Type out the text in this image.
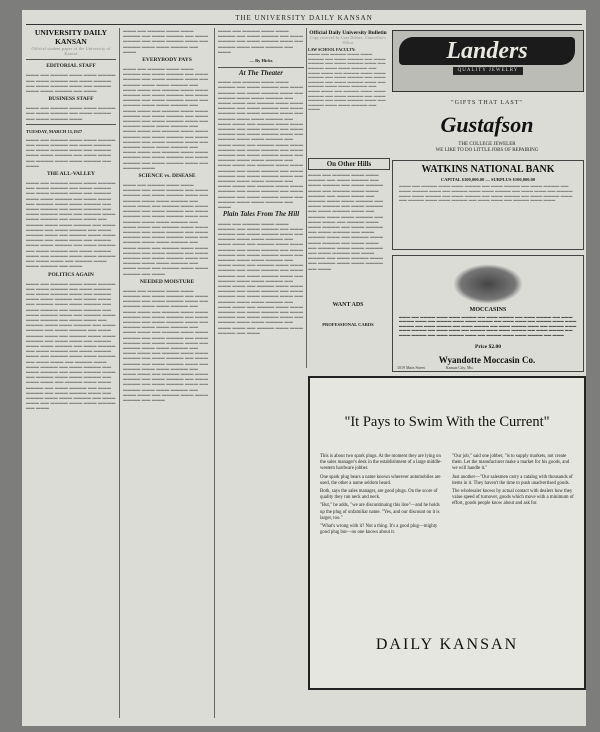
THE UNIVERSITY DAILY KANSAN
UNIVERSITY DAILY KANSAN
Official student paper of the University of Kansas
EDITORIAL STAFF
▬▬▬ ▬▬ ▬▬▬▬ ▬▬▬ ▬▬▬ ▬▬▬▬ ▬▬ ▬▬▬ ▬▬▬▬ ▬▬ ▬▬▬ ▬▬▬▬ ▬▬ ▬▬▬ ▬▬▬▬ ▬▬▬ ▬▬ ▬▬▬▬ ▬▬▬ ▬▬▬ ▬▬▬▬ ▬▬ ▬▬▬
BUSINESS STAFF
▬▬▬ ▬▬ ▬▬▬▬ ▬▬▬ ▬▬▬ ▬▬▬▬ ▬▬ ▬▬▬ ▬▬▬▬ ▬▬ ▬▬▬ ▬▬▬▬ ▬▬ ▬▬▬ ▬▬▬▬ ▬▬▬
TUESDAY, MARCH 15,1927
▬▬▬ ▬▬ ▬▬▬▬ ▬▬▬ ▬▬▬ ▬▬▬▬ ▬▬ ▬▬▬ ▬▬▬▬ ▬▬ ▬▬▬ ▬▬▬▬ ▬▬ ▬▬▬ ▬▬▬▬ ▬▬▬ ▬▬ ▬▬▬▬ ▬▬▬ ▬▬▬ ▬▬▬▬ ▬▬ ▬▬▬ ▬▬▬ ▬▬ ▬▬▬▬ ▬▬▬ ▬▬▬ ▬▬▬▬ ▬▬ ▬▬▬
THE ALL-VALLEY
▬▬▬ ▬▬ ▬▬▬▬ ▬▬▬ ▬▬▬ ▬▬▬▬ ▬▬ ▬▬▬ ▬▬▬▬ ▬▬ ▬▬▬ ▬▬▬▬ ▬▬ ▬▬▬ ▬▬▬▬ ▬▬▬ ▬▬ ▬▬▬▬ ▬▬▬ ▬▬▬ ▬▬▬▬ ▬▬ ▬▬▬ ▬▬▬ ▬▬ ▬▬▬▬ ▬▬▬ ▬▬▬ ▬▬▬▬ ▬▬ ▬▬▬ ▬▬▬▬ ▬▬ ▬▬▬ ▬▬▬▬ ▬▬ ▬▬▬ ▬▬▬▬ ▬▬▬ ▬▬ ▬▬▬▬ ▬▬▬ ▬▬▬ ▬▬▬▬ ▬▬ ▬▬▬ ▬▬▬ ▬▬ ▬▬▬▬ ▬▬▬ ▬▬▬ ▬▬▬▬ ▬▬ ▬▬▬ ▬▬▬▬ ▬▬ ▬▬▬ ▬▬▬▬ ▬▬ ▬▬▬ ▬▬▬▬ ▬▬▬ ▬▬ ▬▬▬▬ ▬▬▬ ▬▬▬ ▬▬▬▬ ▬▬ ▬▬▬ ▬▬▬ ▬▬ ▬▬▬▬ ▬▬▬ ▬▬▬ ▬▬▬▬ ▬▬ ▬▬▬ ▬▬▬▬ ▬▬ ▬▬▬ ▬▬▬▬ ▬▬ ▬▬▬ ▬▬▬▬ ▬▬▬ ▬▬ ▬▬▬▬ ▬▬▬ ▬▬▬ ▬▬▬▬ ▬▬ ▬▬▬ ▬▬▬ ▬▬ ▬▬▬▬ ▬▬▬ ▬▬▬ ▬▬▬▬ ▬▬ ▬▬▬
POLITICS AGAIN
▬▬▬ ▬▬ ▬▬▬▬ ▬▬▬ ▬▬▬ ▬▬▬▬ ▬▬ ▬▬▬ ▬▬▬▬ ▬▬ ▬▬▬ ▬▬▬▬ ▬▬ ▬▬▬ ▬▬▬▬ ▬▬▬ ▬▬ ▬▬▬▬ ▬▬▬ ▬▬▬ ▬▬▬▬ ▬▬ ▬▬▬ ▬▬▬ ▬▬ ▬▬▬▬ ▬▬▬ ▬▬▬ ▬▬▬▬ ▬▬ ▬▬▬ ▬▬▬▬ ▬▬ ▬▬▬ ▬▬▬▬ ▬▬ ▬▬▬ ▬▬▬▬ ▬▬▬ ▬▬ ▬▬▬▬ ▬▬▬ ▬▬▬ ▬▬▬▬ ▬▬ ▬▬▬ ▬▬▬ ▬▬ ▬▬▬▬ ▬▬▬ ▬▬▬ ▬▬▬▬ ▬▬ ▬▬▬ ▬▬▬▬ ▬▬ ▬▬▬ ▬▬▬▬ ▬▬ ▬▬▬ ▬▬▬▬ ▬▬▬ ▬▬ ▬▬▬▬ ▬▬▬ ▬▬▬ ▬▬▬▬ ▬▬ ▬▬▬ ▬▬▬ ▬▬ ▬▬▬▬ ▬▬▬ ▬▬▬ ▬▬▬▬ ▬▬ ▬▬▬ ▬▬▬▬ ▬▬ ▬▬▬ ▬▬▬▬ ▬▬ ▬▬▬ ▬▬▬▬ ▬▬▬ ▬▬ ▬▬▬▬ ▬▬▬ ▬▬▬ ▬▬▬▬ ▬▬ ▬▬▬ ▬▬▬ ▬▬ ▬▬▬▬ ▬▬▬ ▬▬▬ ▬▬▬▬ ▬▬ ▬▬▬ ▬▬▬▬ ▬▬ ▬▬▬ ▬▬▬▬ ▬▬ ▬▬▬ ▬▬▬▬ ▬▬▬ ▬▬ ▬▬▬▬ ▬▬▬ ▬▬▬ ▬▬▬▬ ▬▬ ▬▬▬ ▬▬▬ ▬▬ ▬▬▬▬ ▬▬▬ ▬▬▬ ▬▬▬▬ ▬▬ ▬▬▬ ▬▬▬▬ ▬▬ ▬▬▬ ▬▬▬▬ ▬▬ ▬▬▬ ▬▬▬▬ ▬▬▬ ▬▬ ▬▬▬▬ ▬▬▬ ▬▬▬ ▬▬▬▬ ▬▬ ▬▬▬ ▬▬▬ ▬▬ ▬▬▬▬ ▬▬▬ ▬▬▬ ▬▬▬▬ ▬▬ ▬▬▬
▬▬▬ ▬▬ ▬▬▬▬ ▬▬▬ ▬▬▬ ▬▬▬▬ ▬▬ ▬▬▬ ▬▬▬▬ ▬▬ ▬▬▬ ▬▬▬▬ ▬▬ ▬▬▬ ▬▬▬▬ ▬▬▬ ▬▬ ▬▬▬▬ ▬▬▬ ▬▬▬ ▬▬▬▬ ▬▬ ▬▬▬
EVERYBODY PAYS
▬▬▬ ▬▬ ▬▬▬▬ ▬▬▬ ▬▬▬ ▬▬▬▬ ▬▬ ▬▬▬ ▬▬▬▬ ▬▬ ▬▬▬ ▬▬▬▬ ▬▬ ▬▬▬ ▬▬▬▬ ▬▬▬ ▬▬ ▬▬▬▬ ▬▬▬ ▬▬▬ ▬▬▬▬ ▬▬ ▬▬▬ ▬▬▬ ▬▬ ▬▬▬▬ ▬▬▬ ▬▬▬ ▬▬▬▬ ▬▬ ▬▬▬ ▬▬▬▬ ▬▬ ▬▬▬ ▬▬▬▬ ▬▬ ▬▬▬ ▬▬▬▬ ▬▬▬ ▬▬ ▬▬▬▬ ▬▬▬ ▬▬▬ ▬▬▬▬ ▬▬ ▬▬▬ ▬▬▬ ▬▬ ▬▬▬▬ ▬▬▬ ▬▬▬ ▬▬▬▬ ▬▬ ▬▬▬ ▬▬▬▬ ▬▬ ▬▬▬ ▬▬▬▬ ▬▬ ▬▬▬ ▬▬▬▬ ▬▬▬ ▬▬ ▬▬▬▬ ▬▬▬ ▬▬▬ ▬▬▬▬ ▬▬ ▬▬▬ ▬▬▬ ▬▬ ▬▬▬▬ ▬▬▬ ▬▬▬ ▬▬▬▬ ▬▬ ▬▬▬ ▬▬▬▬ ▬▬ ▬▬▬ ▬▬▬▬ ▬▬ ▬▬▬ ▬▬▬▬ ▬▬▬ ▬▬ ▬▬▬▬ ▬▬▬ ▬▬▬ ▬▬▬▬ ▬▬ ▬▬▬ ▬▬▬ ▬▬ ▬▬▬▬ ▬▬▬ ▬▬▬ ▬▬▬▬ ▬▬ ▬▬▬ ▬▬▬▬ ▬▬ ▬▬▬ ▬▬▬▬ ▬▬ ▬▬▬ ▬▬▬▬ ▬▬▬ ▬▬ ▬▬▬▬ ▬▬▬
SCIENCE vs. DISEASE
▬▬▬ ▬▬ ▬▬▬▬ ▬▬▬ ▬▬▬ ▬▬▬▬ ▬▬ ▬▬▬ ▬▬▬▬ ▬▬ ▬▬▬ ▬▬▬▬ ▬▬ ▬▬▬ ▬▬▬▬ ▬▬▬ ▬▬ ▬▬▬▬ ▬▬▬ ▬▬▬ ▬▬▬▬ ▬▬ ▬▬▬ ▬▬▬ ▬▬ ▬▬▬▬ ▬▬▬ ▬▬▬ ▬▬▬▬ ▬▬ ▬▬▬ ▬▬▬▬ ▬▬ ▬▬▬ ▬▬▬▬ ▬▬ ▬▬▬ ▬▬▬▬ ▬▬▬ ▬▬ ▬▬▬▬ ▬▬▬ ▬▬▬ ▬▬▬▬ ▬▬ ▬▬▬ ▬▬▬ ▬▬ ▬▬▬▬ ▬▬▬ ▬▬▬ ▬▬▬▬ ▬▬ ▬▬▬ ▬▬▬▬ ▬▬ ▬▬▬ ▬▬▬▬ ▬▬ ▬▬▬ ▬▬▬▬ ▬▬▬ ▬▬ ▬▬▬▬ ▬▬▬ ▬▬▬ ▬▬▬▬ ▬▬ ▬▬▬ ▬▬▬ ▬▬ ▬▬▬▬ ▬▬▬ ▬▬▬ ▬▬▬▬ ▬▬ ▬▬▬ ▬▬▬▬ ▬▬ ▬▬▬ ▬▬▬▬ ▬▬ ▬▬▬ ▬▬▬▬ ▬▬▬ ▬▬ ▬▬▬▬ ▬▬▬ ▬▬▬ ▬▬▬▬ ▬▬ ▬▬▬ ▬▬▬ ▬▬ ▬▬▬▬ ▬▬▬ ▬▬▬ ▬▬▬▬ ▬▬ ▬▬▬
NEEDED MOISTURE
▬▬▬ ▬▬ ▬▬▬▬ ▬▬▬ ▬▬▬ ▬▬▬▬ ▬▬ ▬▬▬ ▬▬▬▬ ▬▬ ▬▬▬ ▬▬▬▬ ▬▬ ▬▬▬ ▬▬▬▬ ▬▬▬ ▬▬ ▬▬▬▬ ▬▬▬ ▬▬▬ ▬▬▬▬ ▬▬ ▬▬▬ ▬▬▬ ▬▬ ▬▬▬▬ ▬▬▬ ▬▬▬ ▬▬▬▬ ▬▬ ▬▬▬ ▬▬▬▬ ▬▬ ▬▬▬ ▬▬▬▬ ▬▬ ▬▬▬ ▬▬▬▬ ▬▬▬ ▬▬ ▬▬▬▬ ▬▬▬ ▬▬▬ ▬▬▬▬ ▬▬ ▬▬▬ ▬▬▬ ▬▬ ▬▬▬▬ ▬▬▬ ▬▬▬ ▬▬▬▬ ▬▬ ▬▬▬ ▬▬▬▬ ▬▬ ▬▬▬ ▬▬▬▬ ▬▬ ▬▬▬ ▬▬▬▬ ▬▬▬ ▬▬ ▬▬▬▬ ▬▬▬ ▬▬▬ ▬▬▬▬ ▬▬ ▬▬▬ ▬▬▬ ▬▬ ▬▬▬▬ ▬▬▬ ▬▬▬ ▬▬▬▬ ▬▬ ▬▬▬ ▬▬▬▬ ▬▬ ▬▬▬ ▬▬▬▬ ▬▬ ▬▬▬ ▬▬▬▬ ▬▬▬ ▬▬ ▬▬▬▬ ▬▬▬ ▬▬▬ ▬▬▬▬ ▬▬ ▬▬▬ ▬▬▬ ▬▬ ▬▬▬▬ ▬▬▬ ▬▬▬ ▬▬▬▬ ▬▬ ▬▬▬ ▬▬▬▬ ▬▬ ▬▬▬ ▬▬▬▬ ▬▬ ▬▬▬ ▬▬▬▬ ▬▬▬ ▬▬ ▬▬▬▬ ▬▬▬ ▬▬▬ ▬▬▬▬ ▬▬ ▬▬▬ ▬▬▬ ▬▬ ▬▬▬▬ ▬▬▬ ▬▬▬ ▬▬▬▬ ▬▬ ▬▬▬
▬▬▬ ▬▬ ▬▬▬▬ ▬▬▬ ▬▬▬ ▬▬▬▬ ▬▬ ▬▬▬ ▬▬▬▬ ▬▬ ▬▬▬ ▬▬▬▬ ▬▬ ▬▬▬ ▬▬▬▬ ▬▬▬ ▬▬ ▬▬▬▬ ▬▬▬ ▬▬▬ ▬▬▬▬ ▬▬ ▬▬▬
— By Hicks
At The Theater
▬▬▬ ▬▬ ▬▬▬▬ ▬▬▬ ▬▬▬ ▬▬▬▬ ▬▬ ▬▬▬ ▬▬▬▬ ▬▬ ▬▬▬ ▬▬▬▬ ▬▬ ▬▬▬ ▬▬▬▬ ▬▬▬ ▬▬ ▬▬▬▬ ▬▬▬ ▬▬▬ ▬▬▬▬ ▬▬ ▬▬▬ ▬▬▬ ▬▬ ▬▬▬▬ ▬▬▬ ▬▬▬ ▬▬▬▬ ▬▬ ▬▬▬ ▬▬▬▬ ▬▬ ▬▬▬ ▬▬▬▬ ▬▬ ▬▬▬ ▬▬▬▬ ▬▬▬ ▬▬ ▬▬▬▬ ▬▬▬ ▬▬▬ ▬▬▬▬ ▬▬ ▬▬▬ ▬▬▬ ▬▬ ▬▬▬▬ ▬▬▬ ▬▬▬ ▬▬▬▬ ▬▬ ▬▬▬ ▬▬▬▬ ▬▬ ▬▬▬ ▬▬▬▬ ▬▬ ▬▬▬ ▬▬▬▬ ▬▬▬ ▬▬ ▬▬▬▬ ▬▬▬ ▬▬▬ ▬▬▬▬ ▬▬ ▬▬▬ ▬▬▬ ▬▬ ▬▬▬▬ ▬▬▬ ▬▬▬ ▬▬▬▬ ▬▬ ▬▬▬ ▬▬▬▬ ▬▬ ▬▬▬ ▬▬▬▬ ▬▬ ▬▬▬ ▬▬▬▬ ▬▬▬ ▬▬ ▬▬▬▬ ▬▬▬ ▬▬▬ ▬▬▬▬ ▬▬ ▬▬▬ ▬▬▬ ▬▬ ▬▬▬▬ ▬▬▬ ▬▬▬ ▬▬▬▬ ▬▬ ▬▬▬ ▬▬▬▬ ▬▬ ▬▬▬ ▬▬▬▬ ▬▬ ▬▬▬ ▬▬▬▬ ▬▬▬ ▬▬ ▬▬▬▬ ▬▬▬ ▬▬▬ ▬▬▬▬ ▬▬ ▬▬▬ ▬▬▬ ▬▬ ▬▬▬▬ ▬▬▬ ▬▬▬ ▬▬▬▬ ▬▬ ▬▬▬ ▬▬▬▬ ▬▬ ▬▬▬ ▬▬▬▬ ▬▬ ▬▬▬ ▬▬▬▬ ▬▬▬ ▬▬ ▬▬▬▬ ▬▬▬ ▬▬▬ ▬▬▬▬ ▬▬ ▬▬▬
Plain Tales From The Hill
▬▬▬ ▬▬ ▬▬▬▬ ▬▬▬ ▬▬▬ ▬▬▬▬ ▬▬ ▬▬▬ ▬▬▬▬ ▬▬ ▬▬▬ ▬▬▬▬ ▬▬ ▬▬▬ ▬▬▬▬ ▬▬▬ ▬▬ ▬▬▬▬ ▬▬▬ ▬▬▬ ▬▬▬▬ ▬▬ ▬▬▬ ▬▬▬ ▬▬ ▬▬▬▬ ▬▬▬ ▬▬▬ ▬▬▬▬ ▬▬ ▬▬▬ ▬▬▬▬ ▬▬ ▬▬▬ ▬▬▬▬ ▬▬ ▬▬▬ ▬▬▬▬ ▬▬▬ ▬▬ ▬▬▬▬ ▬▬▬ ▬▬▬ ▬▬▬▬ ▬▬ ▬▬▬ ▬▬▬ ▬▬ ▬▬▬▬ ▬▬▬ ▬▬▬ ▬▬▬▬ ▬▬ ▬▬▬ ▬▬▬▬ ▬▬ ▬▬▬ ▬▬▬▬ ▬▬ ▬▬▬ ▬▬▬▬ ▬▬▬ ▬▬ ▬▬▬▬ ▬▬▬ ▬▬▬ ▬▬▬▬ ▬▬ ▬▬▬ ▬▬▬ ▬▬ ▬▬▬▬ ▬▬▬ ▬▬▬ ▬▬▬▬ ▬▬ ▬▬▬ ▬▬▬▬ ▬▬ ▬▬▬ ▬▬▬▬ ▬▬ ▬▬▬ ▬▬▬▬ ▬▬▬ ▬▬ ▬▬▬▬ ▬▬▬ ▬▬▬ ▬▬▬▬ ▬▬ ▬▬▬ ▬▬▬ ▬▬ ▬▬▬▬ ▬▬▬ ▬▬▬ ▬▬▬▬ ▬▬ ▬▬▬ ▬▬▬▬ ▬▬ ▬▬▬ ▬▬▬▬ ▬▬ ▬▬▬ ▬▬▬▬ ▬▬▬ ▬▬ ▬▬▬▬ ▬▬▬ ▬▬▬ ▬▬▬▬ ▬▬ ▬▬▬ ▬▬▬ ▬▬ ▬▬▬▬ ▬▬▬ ▬▬▬ ▬▬▬▬ ▬▬ ▬▬▬
Official Daily University Bulletin
Copy received by Cora Dolbee, Chancellor's Office
LAW SCHOOL FACULTY:
▬▬▬ ▬▬ ▬▬▬▬ ▬▬▬ ▬▬▬ ▬▬▬▬ ▬▬ ▬▬▬ ▬▬▬▬ ▬▬ ▬▬▬ ▬▬▬▬ ▬▬ ▬▬▬ ▬▬▬▬ ▬▬▬ ▬▬ ▬▬▬▬ ▬▬▬ ▬▬▬ ▬▬▬▬ ▬▬ ▬▬▬ ▬▬▬ ▬▬ ▬▬▬▬ ▬▬▬ ▬▬▬ ▬▬▬▬ ▬▬ ▬▬▬ ▬▬▬▬ ▬▬ ▬▬▬ ▬▬▬▬ ▬▬ ▬▬▬ ▬▬▬▬ ▬▬▬ ▬▬ ▬▬▬▬ ▬▬▬ ▬▬▬ ▬▬▬▬ ▬▬ ▬▬▬ ▬▬▬ ▬▬ ▬▬▬▬ ▬▬▬ ▬▬▬ ▬▬▬▬ ▬▬ ▬▬▬ ▬▬▬▬ ▬▬ ▬▬▬ ▬▬▬▬ ▬▬ ▬▬▬ ▬▬▬▬ ▬▬▬ ▬▬ ▬▬▬▬ ▬▬▬ ▬▬▬ ▬▬▬▬ ▬▬ ▬▬▬
On Other Hills
▬▬▬ ▬▬ ▬▬▬▬ ▬▬▬ ▬▬▬ ▬▬▬▬ ▬▬ ▬▬▬ ▬▬▬▬ ▬▬ ▬▬▬ ▬▬▬▬ ▬▬ ▬▬▬ ▬▬▬▬ ▬▬▬ ▬▬ ▬▬▬▬ ▬▬▬ ▬▬▬ ▬▬▬▬ ▬▬ ▬▬▬ ▬▬▬ ▬▬ ▬▬▬▬ ▬▬▬ ▬▬▬ ▬▬▬▬ ▬▬ ▬▬▬ ▬▬▬▬ ▬▬ ▬▬▬ ▬▬▬▬ ▬▬ ▬▬▬ ▬▬▬▬ ▬▬▬ ▬▬ ▬▬▬▬ ▬▬▬ ▬▬▬ ▬▬▬▬ ▬▬ ▬▬▬ ▬▬▬ ▬▬ ▬▬▬▬ ▬▬▬ ▬▬▬ ▬▬▬▬ ▬▬ ▬▬▬ ▬▬▬▬ ▬▬ ▬▬▬ ▬▬▬▬ ▬▬ ▬▬▬ ▬▬▬▬ ▬▬▬ ▬▬ ▬▬▬▬ ▬▬▬ ▬▬▬ ▬▬▬▬ ▬▬ ▬▬▬ ▬▬▬ ▬▬ ▬▬▬▬ ▬▬▬ ▬▬▬ ▬▬▬▬ ▬▬ ▬▬▬ ▬▬▬▬ ▬▬ ▬▬▬ ▬▬▬▬ ▬▬ ▬▬▬ ▬▬▬▬ ▬▬▬ ▬▬ ▬▬▬▬ ▬▬▬ ▬▬▬ ▬▬▬▬ ▬▬ ▬▬▬
WANT ADS
PROFESSIONAL CARDS
Landers
QUALITY JEWELRY
"GIFTS THAT LAST"
Gustafson
THE COLLEGE JEWELER
WE LIKE TO DO LITTLE JOBS OF REPAIRING
WATKINS NATIONAL BANK
CAPITAL $100,000.00 — SURPLUS $100,000.00
▬▬▬ ▬▬ ▬▬▬▬ ▬▬▬ ▬▬▬ ▬▬▬▬ ▬▬ ▬▬▬ ▬▬▬▬ ▬▬ ▬▬▬ ▬▬▬▬ ▬▬ ▬▬▬ ▬▬▬▬ ▬▬▬ ▬▬ ▬▬▬▬ ▬▬▬ ▬▬▬ ▬▬▬▬ ▬▬ ▬▬▬ ▬▬▬ ▬▬ ▬▬▬▬ ▬▬▬ ▬▬▬ ▬▬▬▬ ▬▬ ▬▬▬ ▬▬▬▬ ▬▬ ▬▬▬ ▬▬▬▬ ▬▬ ▬▬▬ ▬▬▬▬ ▬▬▬ ▬▬ ▬▬▬▬ ▬▬▬ ▬▬▬ ▬▬▬▬ ▬▬ ▬▬▬ ▬▬▬ ▬▬ ▬▬▬▬ ▬▬▬ ▬▬▬
MOCCASINS
▬▬▬ ▬▬ ▬▬▬▬ ▬▬▬ ▬▬▬ ▬▬▬▬ ▬▬ ▬▬▬ ▬▬▬▬ ▬▬ ▬▬▬ ▬▬▬▬ ▬▬ ▬▬▬ ▬▬▬▬ ▬▬▬ ▬▬ ▬▬▬▬ ▬▬▬ ▬▬▬ ▬▬▬▬ ▬▬ ▬▬▬ ▬▬▬ ▬▬ ▬▬▬▬ ▬▬▬ ▬▬▬ ▬▬▬▬ ▬▬ ▬▬▬ ▬▬▬▬ ▬▬ ▬▬▬ ▬▬▬▬ ▬▬ ▬▬▬ ▬▬▬▬ ▬▬▬ ▬▬ ▬▬▬▬ ▬▬▬ ▬▬▬ ▬▬▬▬ ▬▬ ▬▬▬ ▬▬▬ ▬▬ ▬▬▬▬ ▬▬▬ ▬▬▬ ▬▬▬▬ ▬▬ ▬▬▬ ▬▬▬▬ ▬▬ ▬▬▬ ▬▬▬▬ ▬▬ ▬▬▬ ▬▬▬▬ ▬▬▬ ▬▬ ▬▬▬▬ ▬▬▬ ▬▬▬ ▬▬▬▬ ▬▬ ▬▬▬
Price $2.00
Wyandotte Moccasin Co.
1019 Main Street                     Kansas City, Mo.
"It Pays to Swim With the Current"

This is about two spark plugs. At the moment they are lying on the sales manager's desk in the establishment of a large middle-western hardware jobber.

One spark plug bears a name known wherever automobiles are used, the other a name seldom heard.

Both, says the sales manager, are good plugs. On the score of quality they run neck and neck.

"But," he adds, "we are discontinuing this line"—and he holds up the plug of unfamiliar name. "Yes, and our discount on it is larger, too."

"What's wrong with it? Not a thing. It's a good plug—mighty good plug but—no one knows about it.

"Our job," said one jobber, "is to supply markets, not create them. Let the manufacturer make a market for his goods, and we will handle it."

Just another—"Our salesmen carry a catalog with thousands of items in it. They haven't the time to push unadvertised goods.

The wholesaler knows by actual contact with dealers how they value speed of turnover, goods which move with a minimum of effort, goods people know about and ask for.

DAILY KANSAN
